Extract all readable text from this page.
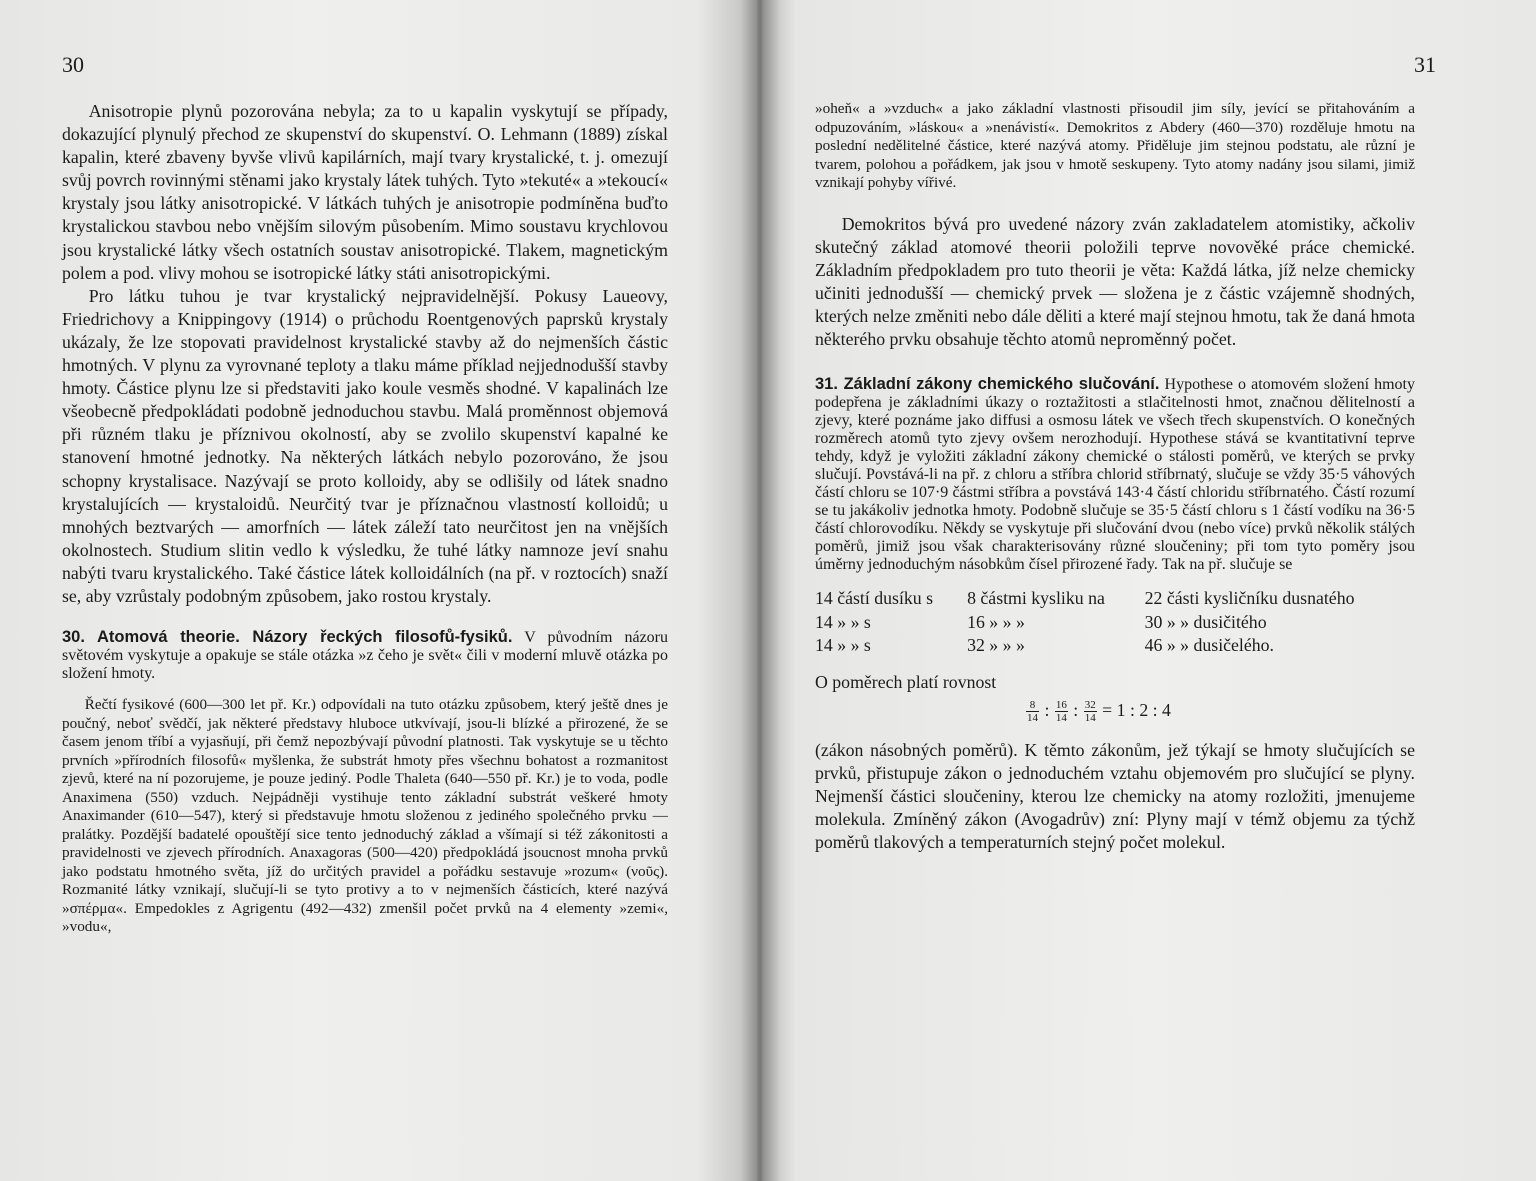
30

Anisotropie plynů pozorována nebyla; za to u kapalin vyskytují se případy, dokazující plynulý přechod ze skupenství do skupenství. O. Lehmann (1889) získal kapalin, které zbaveny byvše vlivů kapilárních, mají tvary krystalické, t. j. omezují svůj povrch rovinnými stěnami jako krystaly látek tuhých. Tyto »tekuté« a »tekoucí« krystaly jsou látky anisotropické. V látkách tuhých je anisotropie podmíněna buďto krystalickou stavbou nebo vnějším silovým působením. Mimo soustavu krychlovou jsou krystalické látky všech ostatních soustav anisotropické. Tlakem, magnetickým polem a pod. vlivy mohou se isotropické látky státi anisotropickými.

Pro látku tuhou je tvar krystalický nejpravidelnější. Pokusy Laueovy, Friedrichovy a Knippingovy (1914) o průchodu Roentgenových paprsků krystaly ukázaly, že lze stopovati pravidelnost krystalické stavby až do nejmenších částic hmotných. V plynu za vyrovnané teploty a tlaku máme příklad nejjednodušší stavby hmoty. Částice plynu lze si představiti jako koule vesměs shodné. V kapalinách lze všeobecně předpokládati podobně jednoduchou stavbu. Malá proměnnost objemová při různém tlaku je příznivou okolností, aby se zvolilo skupenství kapalné ke stanovení hmotné jednotky. Na některých látkách nebylo pozorováno, že jsou schopny krystalisace. Nazývají se proto kolloidy, aby se odlišily od látek snadno krystalujících — krystaloidů. Neurčitý tvar je příznačnou vlastností kolloidů; u mnohých beztvarých — amorfních — látek záleží tato neurčitost jen na vnějších okolnostech. Studium slitin vedlo k výsledku, že tuhé látky namnoze jeví snahu nabýti tvaru krystalického. Také částice látek kolloidálních (na př. v roztocích) snaží se, aby vzrůstaly podobným způsobem, jako rostou krystaly.

30. Atomová theorie. Názory řeckých filosofů-fysiků. V původním názoru světovém vyskytuje a opakuje se stále otázka »z čeho je svět« čili v moderní mluvě otázka po složení hmoty.

Řečtí fysikové (600—300 let př. Kr.) odpovídali na tuto otázku způsobem, který ještě dnes je poučný, neboť svědčí, jak některé představy hluboce utkvívají, jsou-li blízké a přirozené, že se časem jenom tříbí a vyjasňují, při čemž nepozbývají původní platnosti. Tak vyskytuje se u těchto prvních »přírodních filosofů« myšlenka, že substrát hmoty přes všechnu bohatost a rozmanitost zjevů, které na ní pozorujeme, je pouze jediný. Podle Thaleta (640—550 př. Kr.) je to voda, podle Anaximena (550) vzduch. Nejpádněji vystihuje tento základní substrát veškeré hmoty Anaximander (610—547), který si představuje hmotu složenou z jediného společného prvku — pralátky. Pozdější badatelé opouštějí sice tento jednoduchý základ a všímají si též zákonitosti a pravidelnosti ve zjevech přírodních. Anaxagoras (500—420) předpokládá jsoucnost mnoha prvků jako podstatu hmotného světa, jíž do určitých pravidel a pořádku sestavuje »rozum« (νοῦς). Rozmanité látky vznikají, slučují-li se tyto protivy a to v nejmenších částicích, které nazývá »σπέρμα«. Empedokles z Agrigentu (492—432) zmenšil počet prvků na 4 elementy »zemi«, »vodu«,

31

»oheň« a »vzduch« a jako základní vlastnosti přisoudil jim síly, jevící se přitahováním a odpuzováním, »láskou« a »nenávistí«. Demokritos z Abdery (460—370) rozděluje hmotu na poslední nedělitelné částice, které nazývá atomy. Přiděluje jim stejnou podstatu, ale různí je tvarem, polohou a pořádkem, jak jsou v hmotě seskupeny. Tyto atomy nadány jsou silami, jimiž vznikají pohyby vířivé.

Demokritos bývá pro uvedené názory zván zakladatelem atomistiky, ačkoliv skutečný základ atomové theorii položili teprve novověké práce chemické. Základním předpokladem pro tuto theorii je věta: Každá látka, jíž nelze chemicky učiniti jednodušší — chemický prvek — složena je z částic vzájemně shodných, kterých nelze změniti nebo dále děliti a které mají stejnou hmotu, tak že daná hmota některého prvku obsahuje těchto atomů neproměnný počet.

31. Základní zákony chemického slučování. Hypothese o atomovém složení hmoty podepřena je základními úkazy o roztažitosti a stlačitelnosti hmot, značnou dělitelností a zjevy, které poznáme jako diffusi a osmosu látek ve všech třech skupenstvích. O konečných rozměrech atomů tyto zjevy ovšem nerozhodují. Hypothese stává se kvantitativní teprve tehdy, když je vyložiti základní zákony chemické o stálosti poměrů, ve kterých se prvky slučují. Povstává-li na př. z chloru a stříbra chlorid stříbrnatý, slučuje se vždy 35·5 váhových částí chloru se 107·9 částmi stříbra a povstává 143·4 částí chloridu stříbrnatého. Částí rozumí se tu jakákoliv jednotka hmoty. Podobně slučuje se 35·5 částí chloru s 1 částí vodíku na 36·5 částí chlorovodíku. Někdy se vyskytuje při slučování dvou (nebo více) prvků několik stálých poměrů, jimiž jsou však charakterisovány různé sloučeniny; při tom tyto poměry jsou úměrny jednoduchým násobkům čísel přirozené řady. Tak na př. slučuje se

14 částí dusíku s	8 částmi kysliku na	22 části kysličníku dusnatého
14 » » s	16 » » »	30 » » dusičitého
14 » » s	32 » » »	46 » » dusičelého.

O poměrech platí rovnost

$\frac{8}{14}$ : $\frac{16}{14}$ : $\frac{32}{14} = 1$ : 2 : 4

(zákon násobných poměrů). K těmto zákonům, jež týkají se hmoty slučujících se prvků, přistupuje zákon o jednoduchém vztahu objemovém pro slučující se plyny. Nejmenší částici sloučeniny, kterou lze chemicky na atomy rozložiti, jmenujeme molekula. Zmíněný zákon (Avogadrův) zní: Plyny mají v témž objemu za týchž poměrů tlakových a temperaturních stejný počet molekul.
